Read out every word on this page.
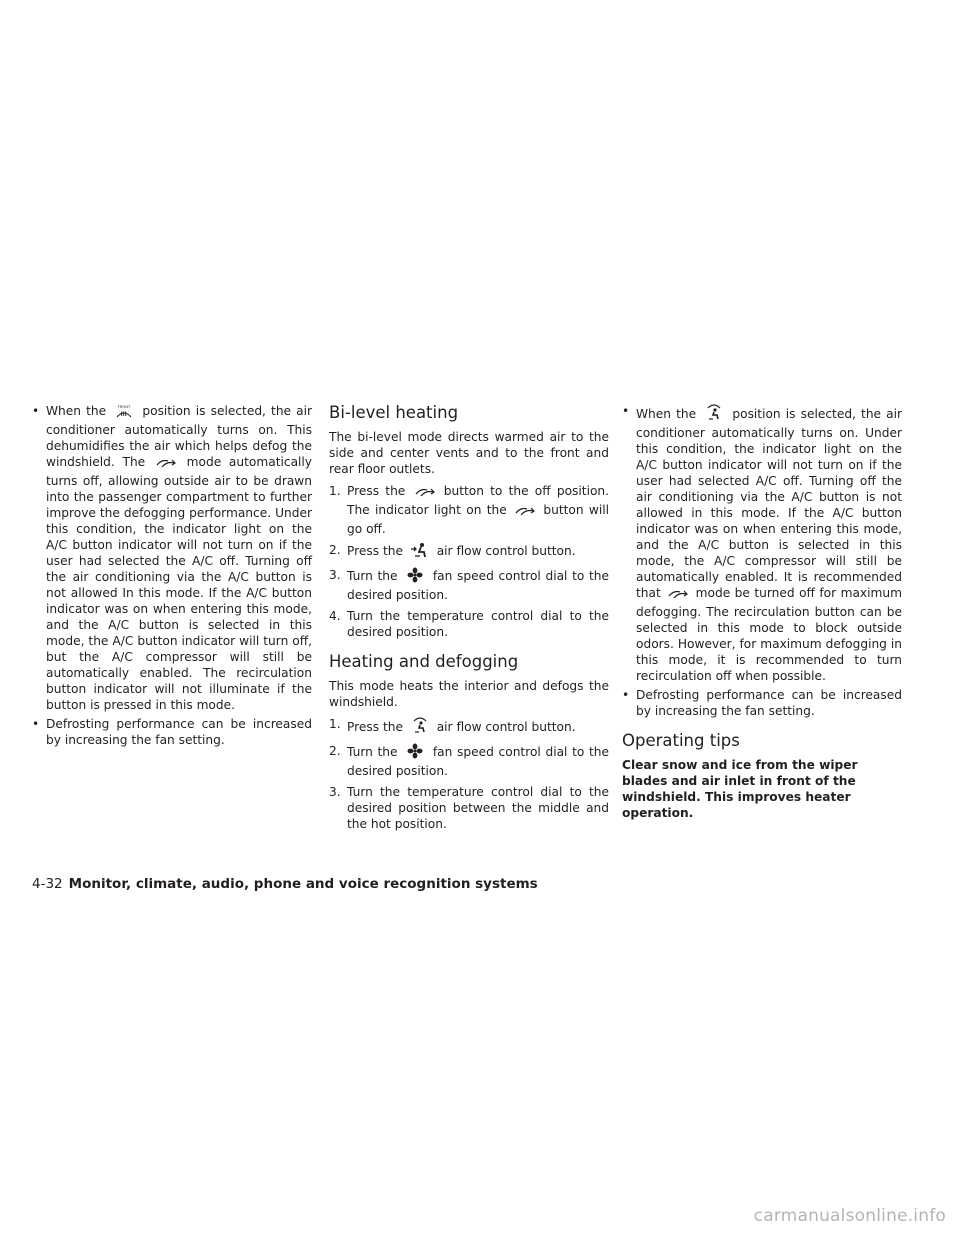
• When the	FRONT position is selected, the air conditioner automatically turns on. This dehumidifies the air which helps defog the windshield. The	mode automatically turns off, allowing outside air to be drawn into the passenger compartment to further improve the defogging performance. Under this condition, the indicator light on the A/C button indicator will not turn on if the user had selected the A/C off. Turning off the air conditioning via the A/C button is not allowed In this mode. If the A/C button indicator was on when entering this mode, and the A/C button is selected in this mode, the A/C button indicator will turn off, but the A/C compressor will still be automatically enabled. The recirculation button indicator will not illuminate if the button is pressed in this mode.
• Defrosting performance can be increased by increasing the fan setting.
Bi-level heating

The bi-level mode directs warmed air to the side and center vents and to the front and rear floor outlets.

1. Press the	button to the off position. The indicator light on the	button will go off.
2. Press the	air flow control button.
3. Turn the	fan speed control dial to the desired position.
4. Turn the temperature control dial to the desired position.
Heating and defogging

This mode heats the interior and defogs the windshield.

1. Press the	air flow control button.
2. Turn the	fan speed control dial to the desired position.
3. Turn the temperature control dial to the desired position between the middle and the hot position.
• When the	position is selected, the air conditioner automatically turns on. Under this condition, the indicator light on the A/C button indicator will not turn on if the user had selected A/C off. Turning off the air conditioning via the A/C button is not allowed in this mode. If the A/C button indicator was on when entering this mode, and the A/C button is selected in this mode, the A/C compressor will still be automatically enabled. It is recommended that	mode be turned off for maximum defogging. The recirculation button can be selected in this mode to block outside odors. However, for maximum defogging in this mode, it is recommended to turn recirculation off when possible.
• Defrosting performance can be increased by increasing the fan setting.
Operating tips

Clear snow and ice from the wiper blades and air inlet in front of the windshield. This improves heater operation.

4-32 Monitor, climate, audio, phone and voice recognition systems
carmanualsonline.info
